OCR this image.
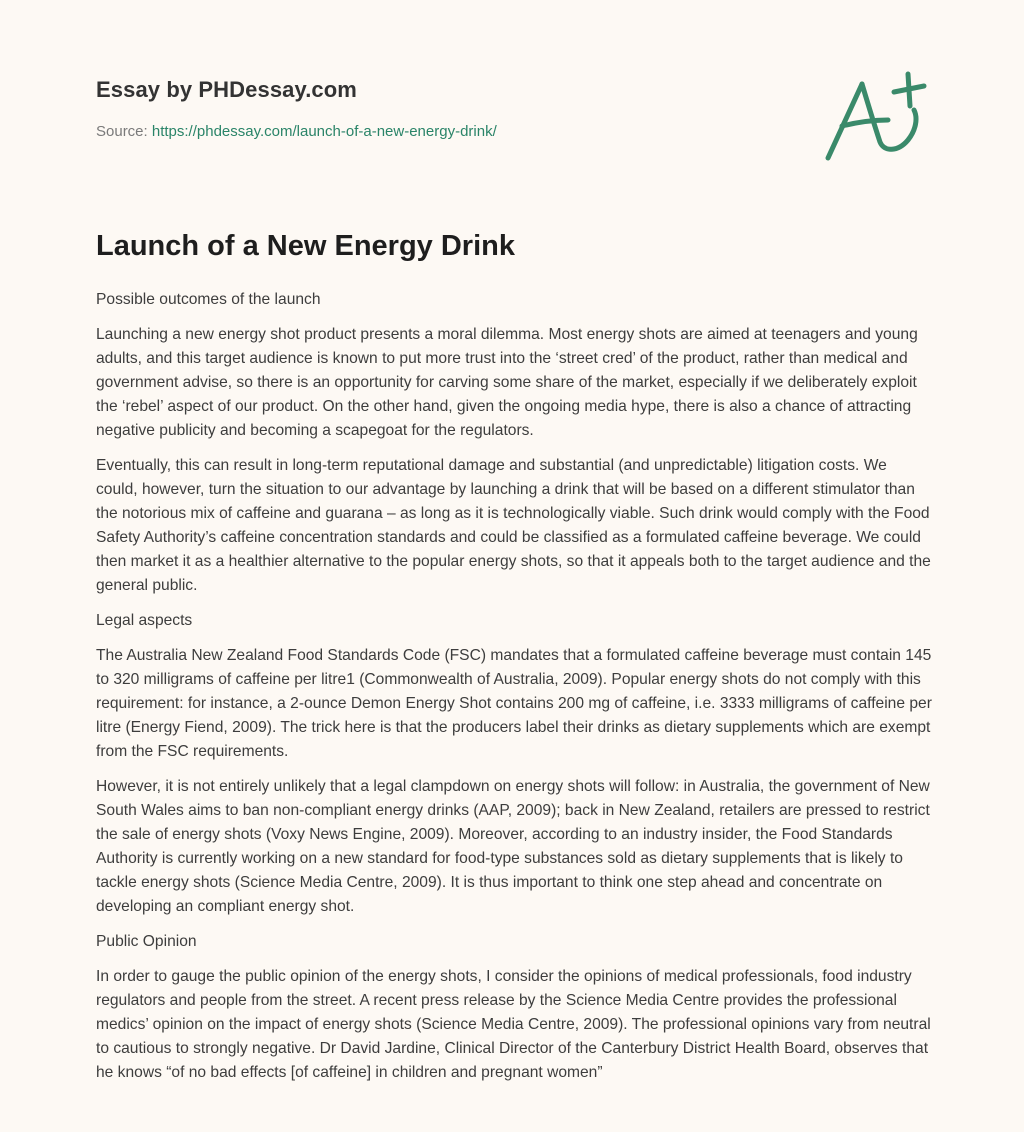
Essay by PHDessay.com
Source: https://phdessay.com/launch-of-a-new-energy-drink/
Launch of a New Energy Drink

Possible outcomes of the launch

Launching a new energy shot product presents a moral dilemma. Most energy shots are aimed at teenagers and young adults, and this target audience is known to put more trust into the ‘street cred’ of the product, rather than medical and government advise, so there is an opportunity for carving some share of the market, especially if we deliberately exploit the ‘rebel’ aspect of our product. On the other hand, given the ongoing media hype, there is also a chance of attracting negative publicity and becoming a scapegoat for the regulators.

Eventually, this can result in long-term reputational damage and substantial (and unpredictable) litigation costs. We could, however, turn the situation to our advantage by launching a drink that will be based on a different stimulator than the notorious mix of caffeine and guarana – as long as it is technologically viable. Such drink would comply with the Food Safety Authority’s caffeine concentration standards and could be classified as a formulated caffeine beverage. We could then market it as a healthier alternative to the popular energy shots, so that it appeals both to the target audience and the general public.

Legal aspects

The Australia New Zealand Food Standards Code (FSC) mandates that a formulated caffeine beverage must contain 145 to 320 milligrams of caffeine per litre1 (Commonwealth of Australia, 2009). Popular energy shots do not comply with this requirement: for instance, a 2-ounce Demon Energy Shot contains 200 mg of caffeine, i.e. 3333 milligrams of caffeine per litre (Energy Fiend, 2009). The trick here is that the producers label their drinks as dietary supplements which are exempt from the FSC requirements.

However, it is not entirely unlikely that a legal clampdown on energy shots will follow: in Australia, the government of New South Wales aims to ban non-compliant energy drinks (AAP, 2009); back in New Zealand, retailers are pressed to restrict the sale of energy shots (Voxy News Engine, 2009). Moreover, according to an industry insider, the Food Standards Authority is currently working on a new standard for food-type substances sold as dietary supplements that is likely to tackle energy shots (Science Media Centre, 2009). It is thus important to think one step ahead and concentrate on developing an compliant energy shot.

Public Opinion

In order to gauge the public opinion of the energy shots, I consider the opinions of medical professionals, food industry regulators and people from the street. A recent press release by the Science Media Centre provides the professional medics’ opinion on the impact of energy shots (Science Media Centre, 2009). The professional opinions vary from neutral to cautious to strongly negative. Dr David Jardine, Clinical Director of the Canterbury District Health Board, observes that he knows “of no bad effects [of caffeine] in children and pregnant women”
